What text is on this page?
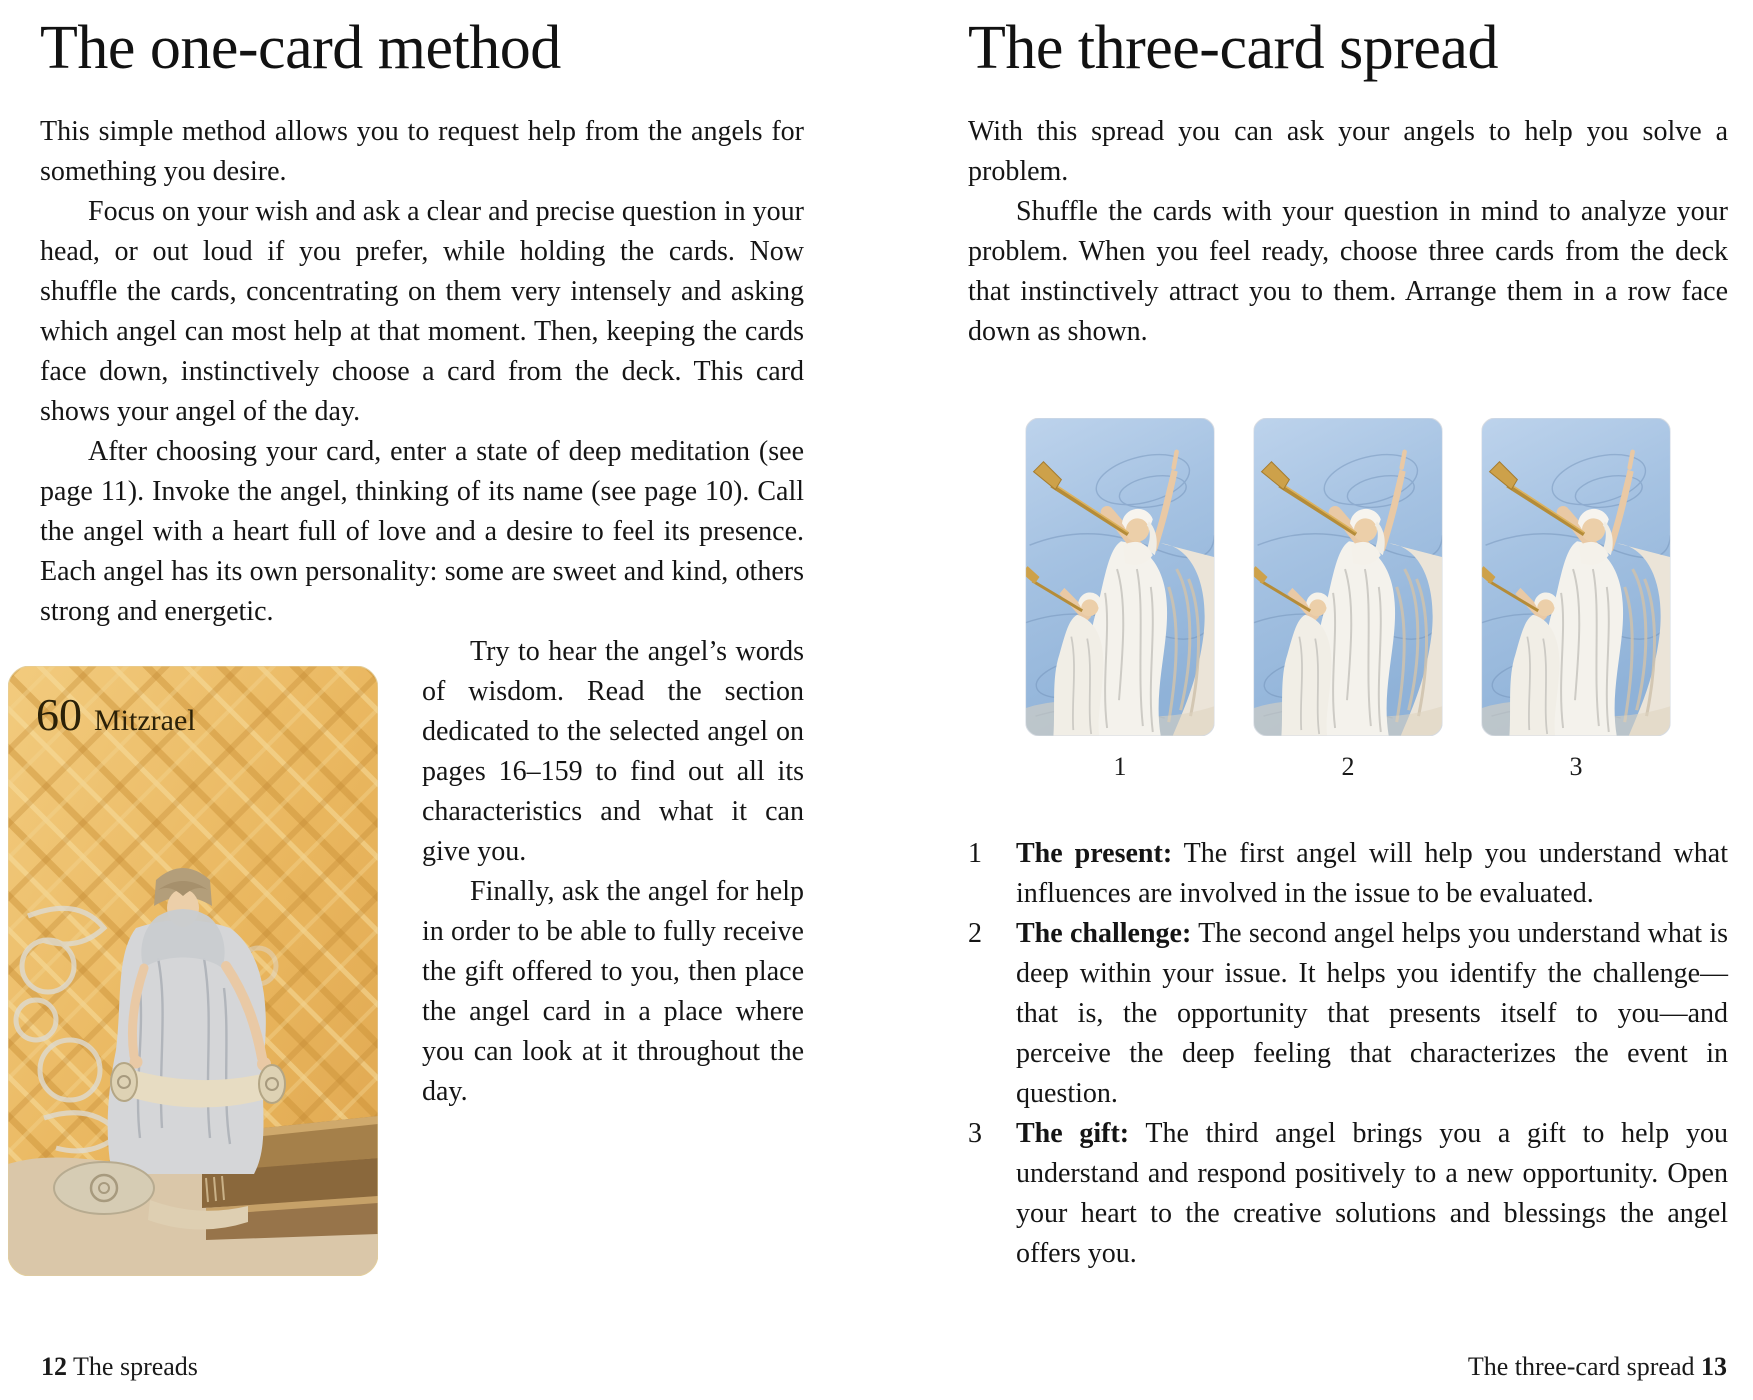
The one-card method

This simple method allows you to request help from the angels for something you desire.

Focus on your wish and ask a clear and precise question in your head, or out loud if you prefer, while holding the cards. Now shuffle the cards, concentrating on them very intensely and asking which angel can most help at that moment. Then, keeping the cards face down, instinctively choose a card from the deck. This card shows your angel of the day.

After choosing your card, enter a state of deep meditation (see page 11). Invoke the angel, thinking of its name (see page 10). Call the angel with a heart full of love and a desire to feel its presence. Each angel has its own personality: some are sweet and kind, others strong and energetic.

60 Mitzrael

Try to hear the angel’s words of wisdom. Read the section dedicated to the selected angel on pages 16–159 to find out all its characteristics and what it can give you.

Finally, ask the angel for help in order to be able to fully receive the gift offered to you, then place the angel card in a place where you can look at it throughout the day.

The three-card spread

With this spread you can ask your angels to help you solve a problem.

Shuffle the cards with your question in mind to analyze your problem. When you feel ready, choose three cards from the deck that instinctively attract you to them. Arrange them in a row face down as shown.

1	2	3
1	The present: The first angel will help you understand what influences are involved in the issue to be evaluated.
2	The challenge: The second angel helps you understand what is deep within your issue. It helps you identify the challenge—that is, the opportunity that presents itself to you—and perceive the deep feeling that characterizes the event in question.
3	The gift: The third angel brings you a gift to help you understand and respond positively to a new opportunity. Open your heart to the creative solutions and blessings the angel offers you.
12 The spreads	The three-card spread 13
